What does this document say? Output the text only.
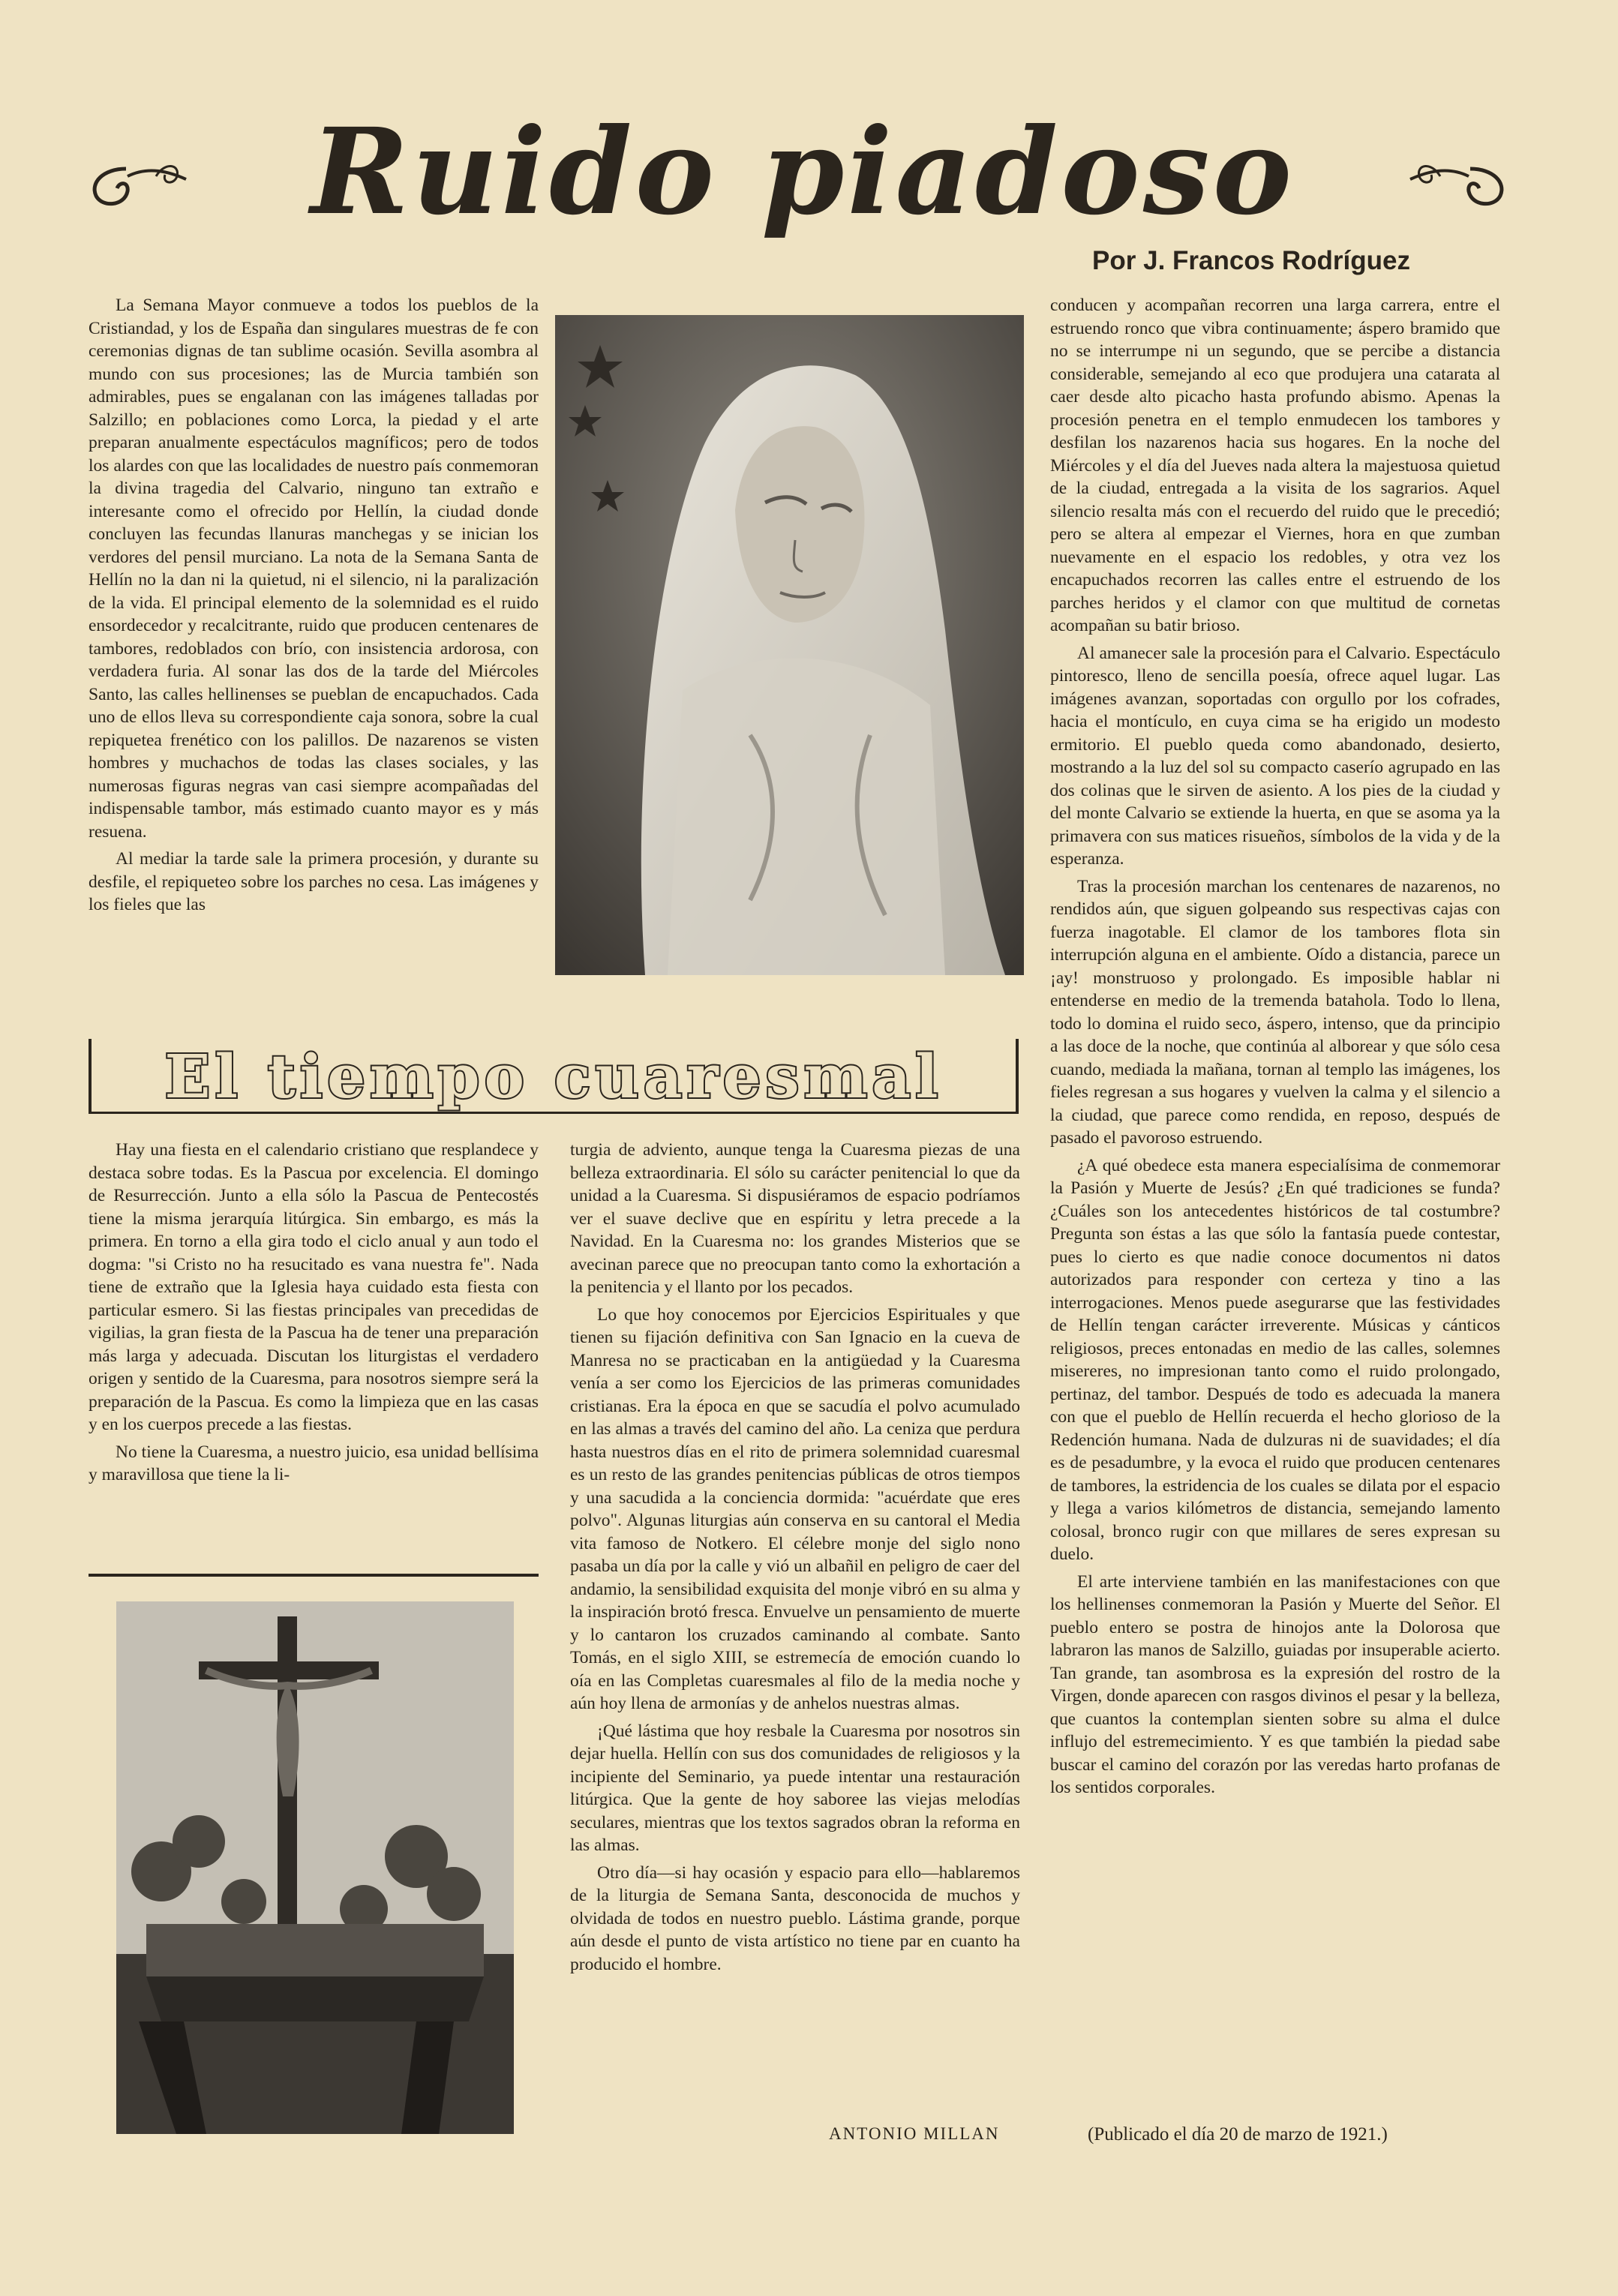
Ruido piadoso
Por J. Francos Rodríguez

La Semana Mayor conmueve a todos los pueblos de la Cristiandad, y los de España dan singulares muestras de fe con ceremonias dignas de tan sublime ocasión. Sevilla asombra al mundo con sus procesiones; las de Murcia también son admirables, pues se engalanan con las imágenes talladas por Salzillo; en poblaciones como Lorca, la piedad y el arte preparan anualmente espectáculos magníficos; pero de todos los alardes con que las localidades de nuestro país conmemoran la divina tragedia del Calvario, ninguno tan extraño e interesante como el ofrecido por Hellín, la ciudad donde concluyen las fecundas llanuras manchegas y se inician los verdores del pensil murciano. La nota de la Semana Santa de Hellín no la dan ni la quietud, ni el silencio, ni la paralización de la vida. El principal elemento de la solemnidad es el ruido ensordecedor y recalcitrante, ruido que producen centenares de tambores, redoblados con brío, con insistencia ardorosa, con verdadera furia. Al sonar las dos de la tarde del Miércoles Santo, las calles hellinenses se pueblan de encapuchados. Cada uno de ellos lleva su correspondiente caja sonora, sobre la cual repiquetea frenético con los palillos. De nazarenos se visten hombres y muchachos de todas las clases sociales, y las numerosas figuras negras van casi siempre acompañadas del indispensable tambor, más estimado cuanto mayor es y más resuena.

Al mediar la tarde sale la primera procesión, y durante su desfile, el repiqueteo sobre los parches no cesa. Las imágenes y los fieles que las

conducen y acompañan recorren una larga carrera, entre el estruendo ronco que vibra continuamente; áspero bramido que no se interrumpe ni un segundo, que se percibe a distancia considerable, semejando al eco que produjera una catarata al caer desde alto picacho hasta profundo abismo. Apenas la procesión penetra en el templo enmudecen los tambores y desfilan los nazarenos hacia sus hogares. En la noche del Miércoles y el día del Jueves nada altera la majestuosa quietud de la ciudad, entregada a la visita de los sagrarios. Aquel silencio resalta más con el recuerdo del ruido que le precedió; pero se altera al empezar el Viernes, hora en que zumban nuevamente en el espacio los redobles, y otra vez los encapuchados recorren las calles entre el estruendo de los parches heridos y el clamor con que multitud de cornetas acompañan su batir brioso.

Al amanecer sale la procesión para el Calvario. Espectáculo pintoresco, lleno de sencilla poesía, ofrece aquel lugar. Las imágenes avanzan, soportadas con orgullo por los cofrades, hacia el montículo, en cuya cima se ha erigido un modesto ermitorio. El pueblo queda como abandonado, desierto, mostrando a la luz del sol su compacto caserío agrupado en las dos colinas que le sirven de asiento. A los pies de la ciudad y del monte Calvario se extiende la huerta, en que se asoma ya la primavera con sus matices risueños, símbolos de la vida y de la esperanza.

Tras la procesión marchan los centenares de nazarenos, no rendidos aún, que siguen golpeando sus respectivas cajas con fuerza inagotable. El clamor de los tambores flota sin interrupción alguna en el ambiente. Oído a distancia, parece un ¡ay! monstruoso y prolongado. Es imposible hablar ni entenderse en medio de la tremenda batahola. Todo lo llena, todo lo domina el ruido seco, áspero, intenso, que da principio a las doce de la noche, que continúa al alborear y que sólo cesa cuando, mediada la mañana, tornan al templo las imágenes, los fieles regresan a sus hogares y vuelven la calma y el silencio a la ciudad, que parece como rendida, en reposo, después de pasado el pavoroso estruendo.

¿A qué obedece esta manera especialísima de conmemorar la Pasión y Muerte de Jesús? ¿En qué tradiciones se funda? ¿Cuáles son los antecedentes históricos de tal costumbre? Pregunta son éstas a las que sólo la fantasía puede contestar, pues lo cierto es que nadie conoce documentos ni datos autorizados para responder con certeza y tino a las interrogaciones. Menos puede asegurarse que las festividades de Hellín tengan carácter irreverente. Músicas y cánticos religiosos, preces entonadas en medio de las calles, solemnes misereres, no impresionan tanto como el ruido prolongado, pertinaz, del tambor. Después de todo es adecuada la manera con que el pueblo de Hellín recuerda el hecho glorioso de la Redención humana. Nada de dulzuras ni de suavidades; el día es de pesadumbre, y la evoca el ruido que producen centenares de tambores, la estridencia de los cuales se dilata por el espacio y llega a varios kilómetros de distancia, semejando lamento colosal, bronco rugir con que millares de seres expresan su duelo.

El arte interviene también en las manifestaciones con que los hellinenses conmemoran la Pasión y Muerte del Señor. El pueblo entero se postra de hinojos ante la Dolorosa que labraron las manos de Salzillo, guiadas por insuperable acierto. Tan grande, tan asombrosa es la expresión del rostro de la Virgen, donde aparecen con rasgos divinos el pesar y la belleza, que cuantos la contemplan sienten sobre su alma el dulce influjo del estremecimiento. Y es que también la piedad sabe buscar el camino del corazón por las veredas harto profanas de los sentidos corporales.

(Publicado el día 20 de marzo de 1921.)
El tiempo cuaresmal

Hay una fiesta en el calendario cristiano que resplandece y destaca sobre todas. Es la Pascua por excelencia. El domingo de Resurrección. Junto a ella sólo la Pascua de Pentecostés tiene la misma jerarquía litúrgica. Sin embargo, es más la primera. En torno a ella gira todo el ciclo anual y aun todo el dogma: "si Cristo no ha resucitado es vana nuestra fe". Nada tiene de extraño que la Iglesia haya cuidado esta fiesta con particular esmero. Si las fiestas principales van precedidas de vigilias, la gran fiesta de la Pascua ha de tener una preparación más larga y adecuada. Discutan los liturgistas el verdadero origen y sentido de la Cuaresma, para nosotros siempre será la preparación de la Pascua. Es como la limpieza que en las casas y en los cuerpos precede a las fiestas.

No tiene la Cuaresma, a nuestro juicio, esa unidad bellísima y maravillosa que tiene la li-

turgia de adviento, aunque tenga la Cuaresma piezas de una belleza extraordinaria. El sólo su carácter penitencial lo que da unidad a la Cuaresma. Si dispusiéramos de espacio podríamos ver el suave declive que en espíritu y letra precede a la Navidad. En la Cuaresma no: los grandes Misterios que se avecinan parece que no preocupan tanto como la exhortación a la penitencia y el llanto por los pecados.

Lo que hoy conocemos por Ejercicios Espirituales y que tienen su fijación definitiva con San Ignacio en la cueva de Manresa no se practicaban en la antigüedad y la Cuaresma venía a ser como los Ejercicios de las primeras comunidades cristianas. Era la época en que se sacudía el polvo acumulado en las almas a través del camino del año. La ceniza que perdura hasta nuestros días en el rito de primera solemnidad cuaresmal es un resto de las grandes penitencias públicas de otros tiempos y una sacudida a la conciencia dormida: "acuérdate que eres polvo". Algunas liturgias aún conserva en su cantoral el Media vita famoso de Notkero. El célebre monje del siglo nono pasaba un día por la calle y vió un albañil en peligro de caer del andamio, la sensibilidad exquisita del monje vibró en su alma y la inspiración brotó fresca. Envuelve un pensamiento de muerte y lo cantaron los cruzados caminando al combate. Santo Tomás, en el siglo XIII, se estremecía de emoción cuando lo oía en las Completas cuaresmales al filo de la media noche y aún hoy llena de armonías y de anhelos nuestras almas.

¡Qué lástima que hoy resbale la Cuaresma por nosotros sin dejar huella. Hellín con sus dos comunidades de religiosos y la incipiente del Seminario, ya puede intentar una restauración litúrgica. Que la gente de hoy saboree las viejas melodías seculares, mientras que los textos sagrados obran la reforma en las almas.

Otro día—si hay ocasión y espacio para ello—hablaremos de la liturgia de Semana Santa, desconocida de muchos y olvidada de todos en nuestro pueblo. Lástima grande, porque aún desde el punto de vista artístico no tiene par en cuanto ha producido el hombre.

ANTONIO MILLAN
